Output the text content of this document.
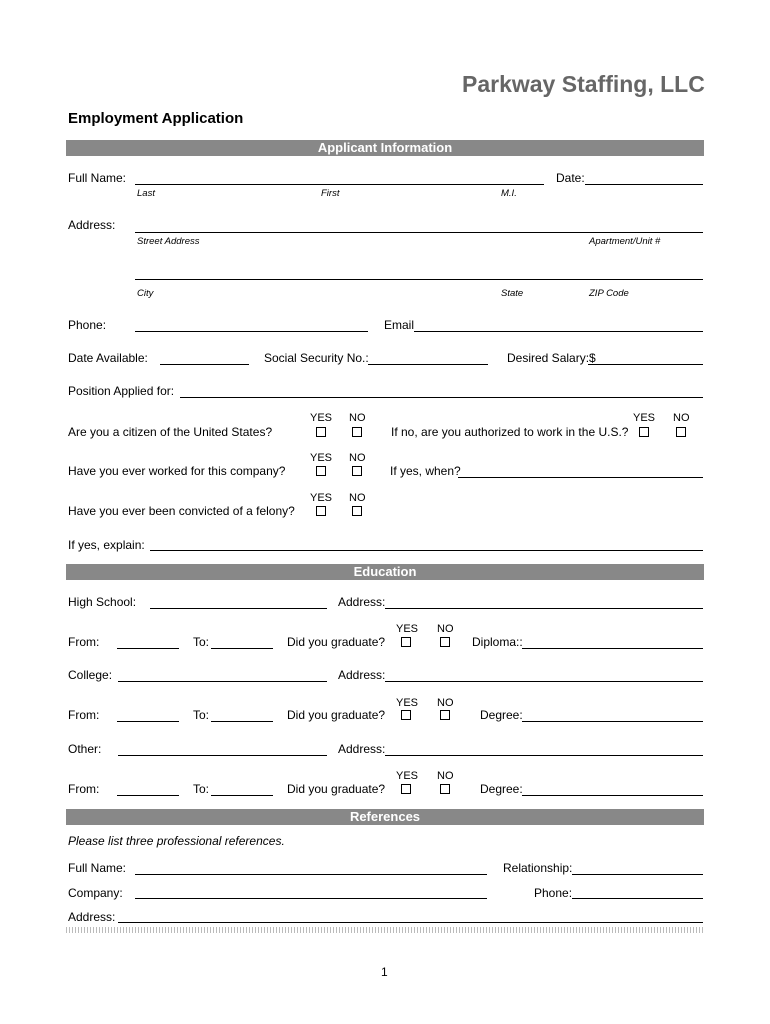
Parkway Staffing, LLC
Employment Application
Applicant Information
Full Name:	Date:
Last	First	M.I.
Address:
Street Address	Apartment/Unit #
City	State	ZIP Code
Phone:	Email
Date Available:	Social Security No.:	Desired Salary:$
Position Applied for:
YES NO
Are you a citizen of the United States?
YES NO
If no, are you authorized to work in the U.S.?
YES NO
Have you ever worked for this company?	If yes, when?
YES NO
Have you ever been convicted of a felony?
If yes, explain:
Education
High School:	Address:
YES NO
From:	To:	Did you graduate?	Diploma::
College:	Address:
YES NO
From:	To:	Did you graduate?	Degree:
Other:	Address:
YES NO
From:	To:	Did you graduate?	Degree:
References
Please list three professional references.
Full Name:	Relationship:
Company:	Phone:
Address:
1
